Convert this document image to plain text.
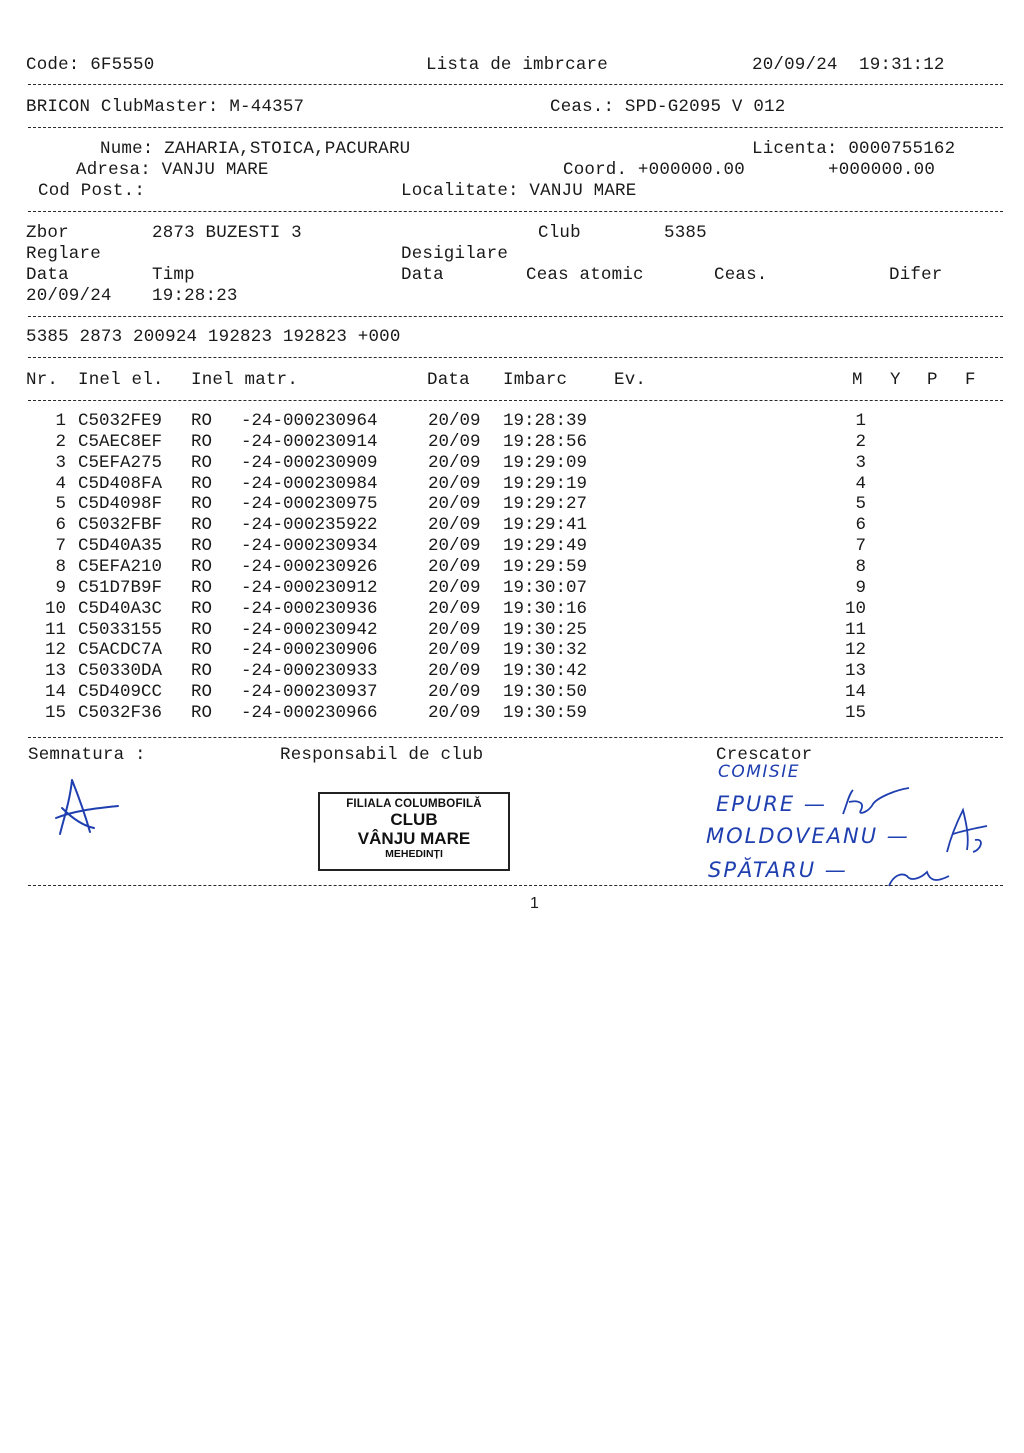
Code: 6F5550	Lista de imbrcare	20/09/24  19:31:12
BRICON ClubMaster: M-44357	Ceas.: SPD-G2095 V 012
Nume: ZAHARIA,STOICA,PACURARU	Licenta: 0000755162
Adresa: VANJU MARE	Coord. +000000.00	+000000.00
Cod Post.:	Localitate: VANJU MARE
Zbor	2873 BUZESTI 3	Club	5385
Reglare	Desigilare
Data	Timp	Data	Ceas atomic	Ceas.	Difer
20/09/24 19:28:23
5385 2873 200924 192823 192823 +000
Nr. Inel el. Inel matr.	Data Imbarc	Ev.	M Y P F
1 C5032FE9 RO -24-000230964	20/09 19:28:39	1
2 C5AEC8EF RO -24-000230914	20/09 19:28:56	2
3 C5EFA275 RO -24-000230909	20/09 19:29:09	3
4 C5D408FA RO -24-000230984	20/09 19:29:19	4
5 C5D4098F RO -24-000230975	20/09 19:29:27	5
6 C5032FBF RO -24-000235922	20/09 19:29:41	6
7 C5D40A35 RO -24-000230934	20/09 19:29:49	7
8 C5EFA210 RO -24-000230926	20/09 19:29:59	8
9 C51D7B9F RO -24-000230912	20/09 19:30:07	9
10 C5D40A3C RO -24-000230936	20/09 19:30:16	10
11 C5033155 RO -24-000230942	20/09 19:30:25	11
12 C5ACDC7A RO -24-000230906	20/09 19:30:32	12
13 C50330DA RO -24-000230933	20/09 19:30:42	13
14 C5D409CC RO -24-000230937	20/09 19:30:50	14
15 C5032F36 RO -24-000230966	20/09 19:30:59	15
Semnatura :	Responsabil de club	Crescator
FILIALA COLUMBOFILĂ
CLUB
VÂNJU MARE
MEHEDINȚI
COMISIE
EPURE —
MOLDOVEANU —
SPĂTARU —
1
